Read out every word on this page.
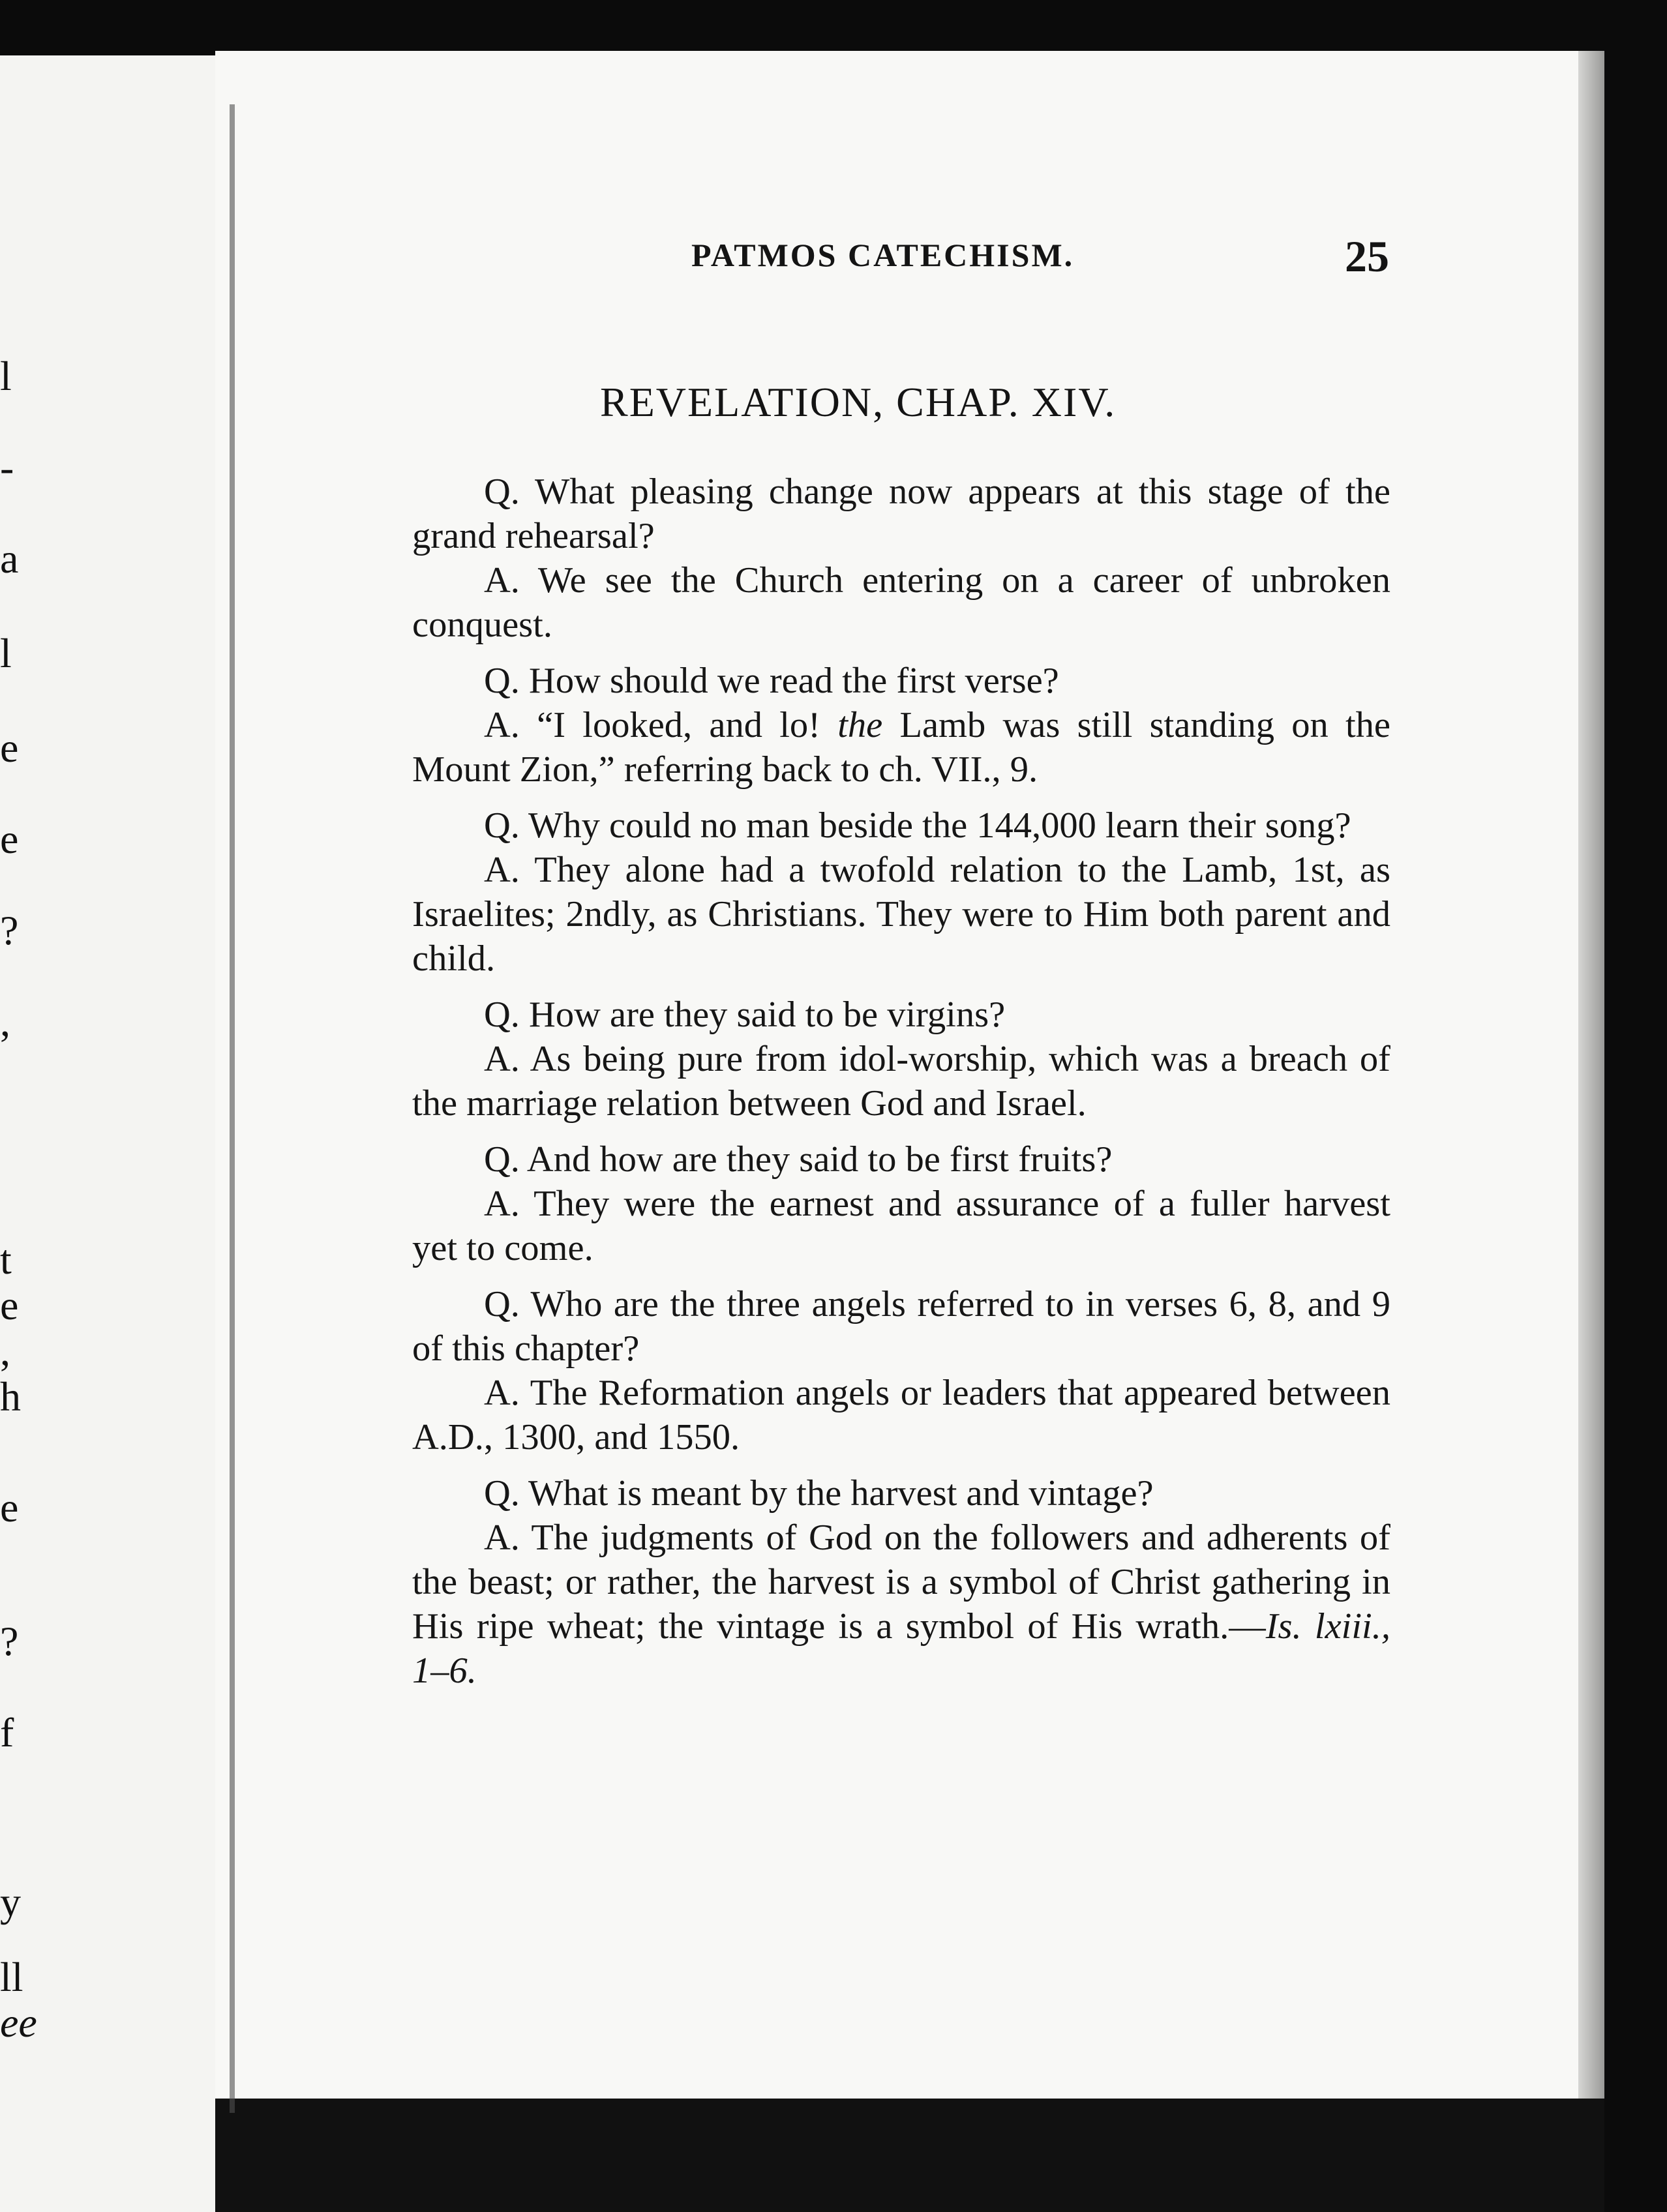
l
-
a
l
e
e
?
,
t
e
,
h
e
?
f
y
ll
ee
PATMOS CATECHISM.	25
REVELATION, CHAP. XIV.

Q. What pleasing change now appears at this stage of the grand rehearsal?

A. We see the Church entering on a career of unbroken conquest.

Q. How should we read the first verse?

A. “I looked, and lo! the Lamb was still standing on the Mount Zion,” referring back to ch. VII., 9.

Q. Why could no man beside the 144,000 learn their song?

A. They alone had a twofold relation to the Lamb, 1st, as Israelites; 2ndly, as Christians. They were to Him both parent and child.

Q. How are they said to be virgins?

A. As being pure from idol-worship, which was a breach of the marriage relation between God and Israel.

Q. And how are they said to be first fruits?

A. They were the earnest and assurance of a fuller harvest yet to come.

Q. Who are the three angels referred to in verses 6, 8, and 9 of this chapter?

A. The Reformation angels or leaders that appeared between A.D., 1300, and 1550.

Q. What is meant by the harvest and vintage?

A. The judgments of God on the followers and adherents of the beast; or rather, the harvest is a symbol of Christ gathering in His ripe wheat; the vintage is a symbol of His wrath.—Is. lxiii., 1–6.
